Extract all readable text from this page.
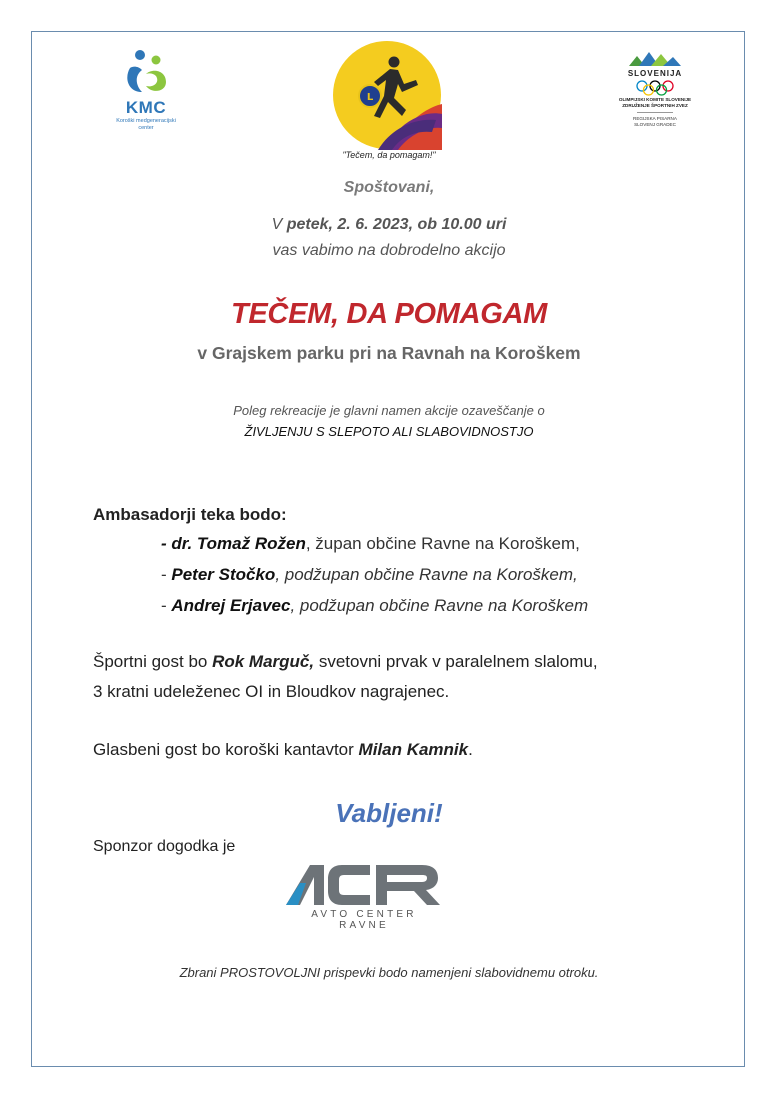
KMC
Koroški medgeneracijski
center
L
"Tečem, da pomagam!"
SLOVENIJA
OLIMPIJSKI KOMITE SLOVENIJE
ZDRUŽENJE ŠPORTNIH ZVEZ
REGIJSKA PISARNA
SLOVENJ GRADEC
Spoštovani,
V petek, 2. 6. 2023, ob 10.00 uri
vas vabimo na dobrodelno akcijo
TEČEM, DA POMAGAM
v Grajskem parku pri na Ravnah na Koroškem
Poleg rekreacije je glavni namen akcije ozaveščanje o
ŽIVLJENJU S SLEPOTO ALI SLABOVIDNOSTJO
Ambasadorji teka bodo:
- dr. Tomaž Rožen, župan občine Ravne na Koroškem,
- Peter Stočko, podžupan občine Ravne na Koroškem,
- Andrej Erjavec, podžupan občine Ravne na Koroškem
Športni gost bo Rok Marguč, svetovni prvak v paralelnem slalomu,
3 kratni udeleženec OI in Bloudkov nagrajenec.
Glasbeni gost bo koroški kantavtor Milan Kamnik.
Vabljeni!
Sponzor dogodka je
AVTO CENTER RAVNE
Zbrani PROSTOVOLJNI prispevki bodo namenjeni slabovidnemu otroku.
